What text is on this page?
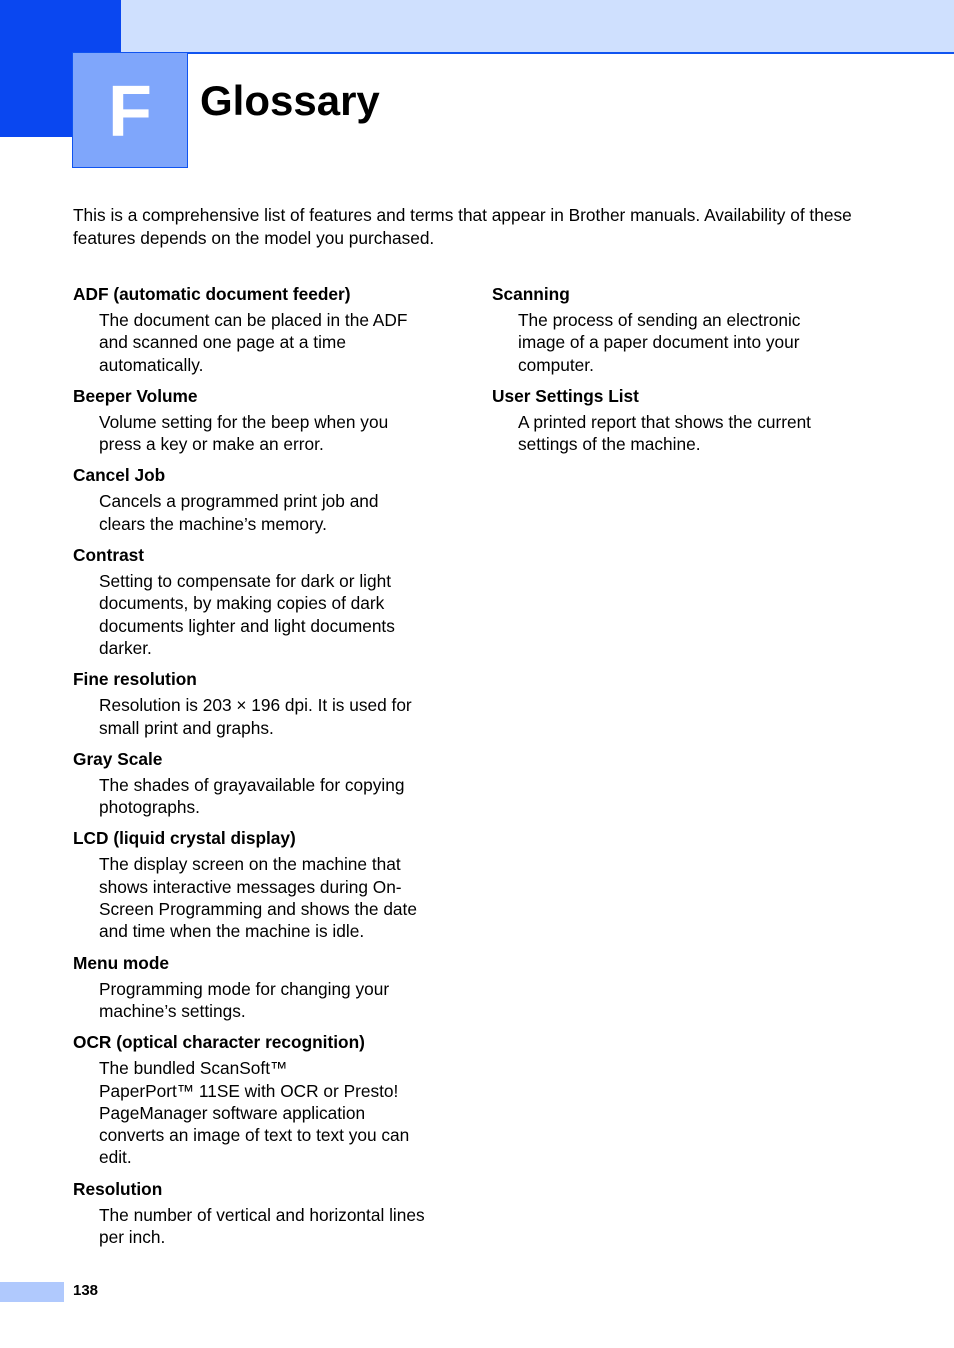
F Glossary

This is a comprehensive list of features and terms that appear in Brother manuals. Availability of these features depends on the model you purchased.

ADF (automatic document feeder)
The document can be placed in the ADF
and scanned one page at a time
automatically.
Beeper Volume
Volume setting for the beep when you
press a key or make an error.
Cancel Job
Cancels a programmed print job and
clears the machine’s memory.
Contrast
Setting to compensate for dark or light
documents, by making copies of dark
documents lighter and light documents
darker.
Fine resolution
Resolution is 203 × 196 dpi. It is used for
small print and graphs.
Gray Scale
The shades of grayavailable for copying
photographs.
LCD (liquid crystal display)
The display screen on the machine that
shows interactive messages during On-
Screen Programming and shows the date
and time when the machine is idle.
Menu mode
Programming mode for changing your
machine’s settings.
OCR (optical character recognition)
The bundled ScanSoft™
PaperPort™ 11SE with OCR or Presto!
PageManager software application
converts an image of text to text you can
edit.
Resolution
The number of vertical and horizontal lines
per inch.
Scanning
The process of sending an electronic
image of a paper document into your
computer.
User Settings List
A printed report that shows the current
settings of the machine.
138
